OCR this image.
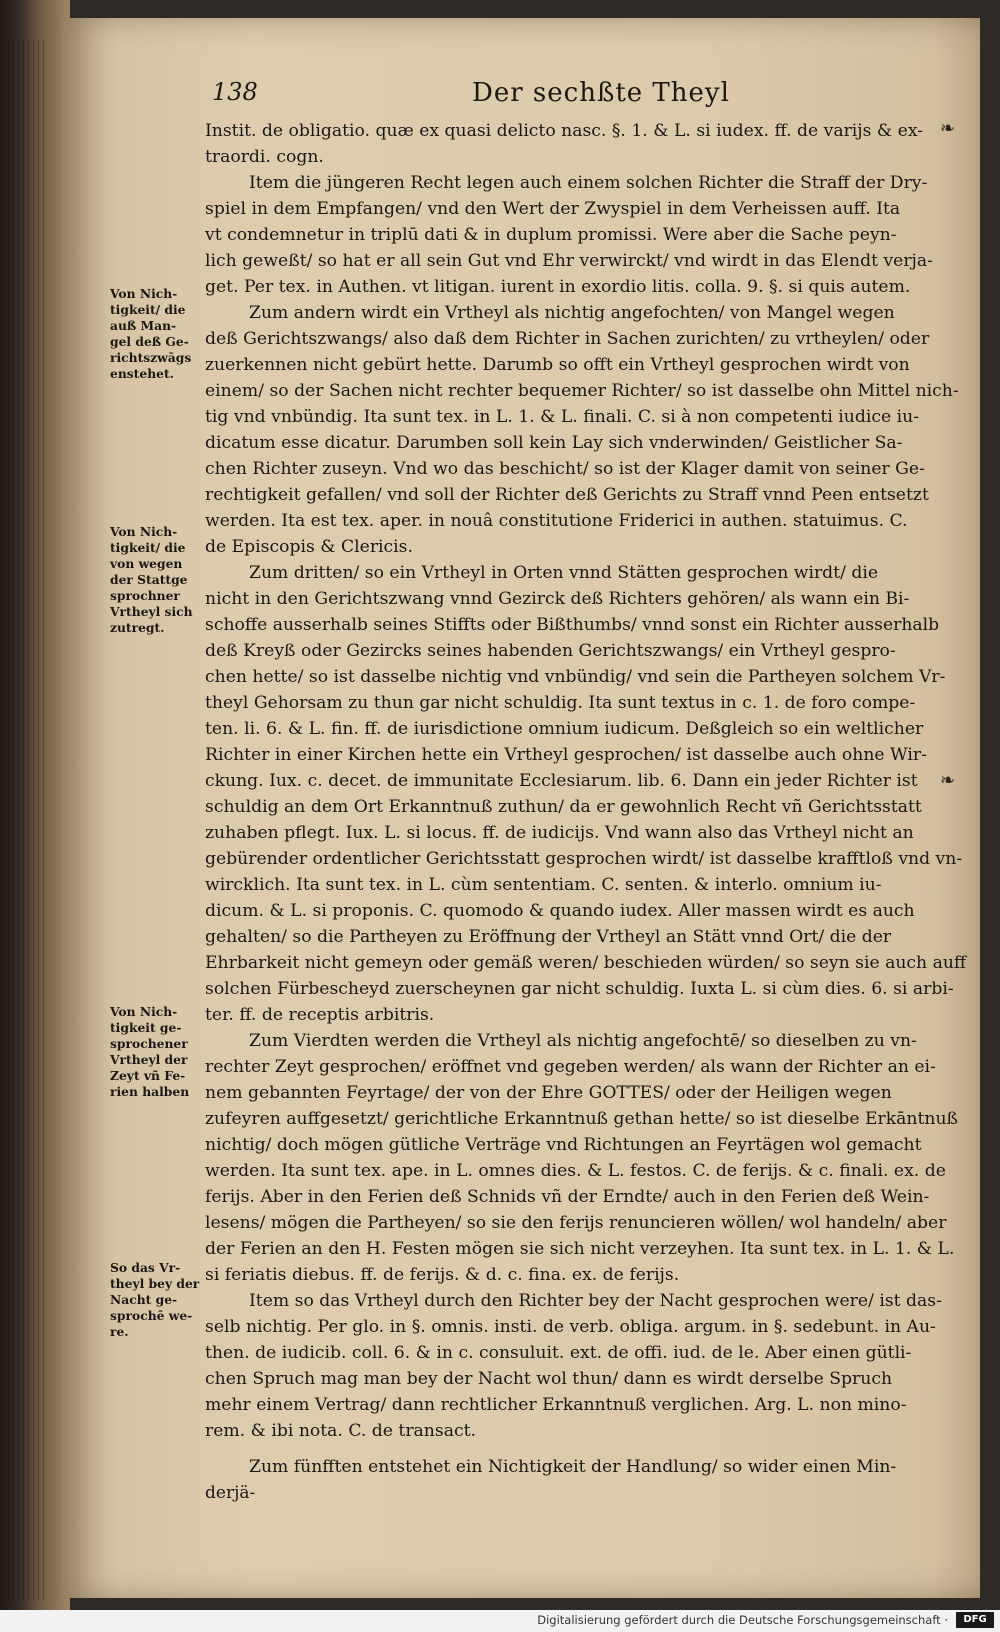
138	Der sechßte Theyl
Instit. de obligatio. quæ ex quasi delicto nasc. §. 1. & L. si iudex. ff. de varijs & ex-
traordi. cogn.
Item die jüngeren Recht legen auch einem solchen Richter die Straff der Dry-
spiel in dem Empfangen/ vnd den Wert der Zwyspiel in dem Verheissen auff. Ita
vt condemnetur in triplū dati & in duplum promissi. Were aber die Sache peyn-
lich geweßt/ so hat er all sein Gut vnd Ehr verwirckt/ vnd wirdt in das Elendt verja-
get. Per tex. in Authen. vt litigan. iurent in exordio litis. colla. 9. §. si quis autem.
Zum andern wirdt ein Vrtheyl als nichtig angefochten/ von Mangel wegen
deß Gerichtszwangs/ also daß dem Richter in Sachen zurichten/ zu vrtheylen/ oder
zuerkennen nicht gebürt hette. Darumb so offt ein Vrtheyl gesprochen wirdt von
einem/ so der Sachen nicht rechter bequemer Richter/ so ist dasselbe ohn Mittel nich-
tig vnd vnbündig. Ita sunt tex. in L. 1. & L. finali. C. si à non competenti iudice iu-
dicatum esse dicatur. Darumben soll kein Lay sich vnderwinden/ Geistlicher Sa-
chen Richter zuseyn. Vnd wo das beschicht/ so ist der Klager damit von seiner Ge-
rechtigkeit gefallen/ vnd soll der Richter deß Gerichts zu Straff vnnd Peen entsetzt
werden. Ita est tex. aper. in nouâ constitutione Friderici in authen. statuimus. C.
de Episcopis & Clericis.
Zum dritten/ so ein Vrtheyl in Orten vnnd Stätten gesprochen wirdt/ die
nicht in den Gerichtszwang vnnd Gezirck deß Richters gehören/ als wann ein Bi-
schoffe ausserhalb seines Stiffts oder Bißthumbs/ vnnd sonst ein Richter ausserhalb
deß Kreyß oder Gezircks seines habenden Gerichtszwangs/ ein Vrtheyl gespro-
chen hette/ so ist dasselbe nichtig vnd vnbündig/ vnd sein die Partheyen solchem Vr-
theyl Gehorsam zu thun gar nicht schuldig. Ita sunt textus in c. 1. de foro compe-
ten. li. 6. & L. fin. ff. de iurisdictione omnium iudicum. Deßgleich so ein weltlicher
Richter in einer Kirchen hette ein Vrtheyl gesprochen/ ist dasselbe auch ohne Wir-
ckung. Iux. c. decet. de immunitate Ecclesiarum. lib. 6. Dann ein jeder Richter ist
schuldig an dem Ort Erkanntnuß zuthun/ da er gewohnlich Recht vñ Gerichtsstatt
zuhaben pflegt. Iux. L. si locus. ff. de iudicijs. Vnd wann also das Vrtheyl nicht an
gebürender ordentlicher Gerichtsstatt gesprochen wirdt/ ist dasselbe krafftloß vnd vn-
wircklich. Ita sunt tex. in L. cùm sententiam. C. senten. & interlo. omnium iu-
dicum. & L. si proponis. C. quomodo & quando iudex. Aller massen wirdt es auch
gehalten/ so die Partheyen zu Eröffnung der Vrtheyl an Stätt vnnd Ort/ die der
Ehrbarkeit nicht gemeyn oder gemäß weren/ beschieden würden/ so seyn sie auch auff
solchen Fürbescheyd zuerscheynen gar nicht schuldig. Iuxta L. si cùm dies. 6. si arbi-
ter. ff. de receptis arbitris.
Zum Vierdten werden die Vrtheyl als nichtig angefochtē/ so dieselben zu vn-
rechter Zeyt gesprochen/ eröffnet vnd gegeben werden/ als wann der Richter an ei-
nem gebannten Feyrtage/ der von der Ehre GOTTES/ oder der Heiligen wegen
zufeyren auffgesetzt/ gerichtliche Erkanntnuß gethan hette/ so ist dieselbe Erkāntnuß
nichtig/ doch mögen gütliche Verträge vnd Richtungen an Feyrtägen wol gemacht
werden. Ita sunt tex. ape. in L. omnes dies. & L. festos. C. de ferijs. & c. finali. ex. de
ferijs. Aber in den Ferien deß Schnids vñ der Erndte/ auch in den Ferien deß Wein-
lesens/ mögen die Partheyen/ so sie den ferijs renuncieren wöllen/ wol handeln/ aber
der Ferien an den H. Festen mögen sie sich nicht verzeyhen. Ita sunt tex. in L. 1. & L.
si feriatis diebus. ff. de ferijs. & d. c. fina. ex. de ferijs.
Item so das Vrtheyl durch den Richter bey der Nacht gesprochen were/ ist das-
selb nichtig. Per glo. in §. omnis. insti. de verb. obliga. argum. in §. sedebunt. in Au-
then. de iudicib. coll. 6. & in c. consuluit. ext. de offi. iud. de le. Aber einen gütli-
chen Spruch mag man bey der Nacht wol thun/ dann es wirdt derselbe Spruch
mehr einem Vertrag/ dann rechtlicher Erkanntnuß verglichen. Arg. L. non mino-
rem. & ibi nota. C. de transact.
Zum fünfften entstehet ein Nichtigkeit der Handlung/ so wider einen Min-
derjä-
Von Nich-
tigkeit/ die
auß Man-
gel deß Ge-
richtszwāgs
enstehet.
Von Nich-
tigkeit/ die
von wegen
der Stattge
sprochner
Vrtheyl sich
zutregt.
Von Nich-
tigkeit ge-
sprochener
Vrtheyl der
Zeyt vñ Fe-
rien halben
So das Vr-
theyl bey der
Nacht ge-
sprochē we-
re.
❧
❧
Digitalisierung gefördert durch die Deutsche Forschungsgemeinschaft ·	DFG
